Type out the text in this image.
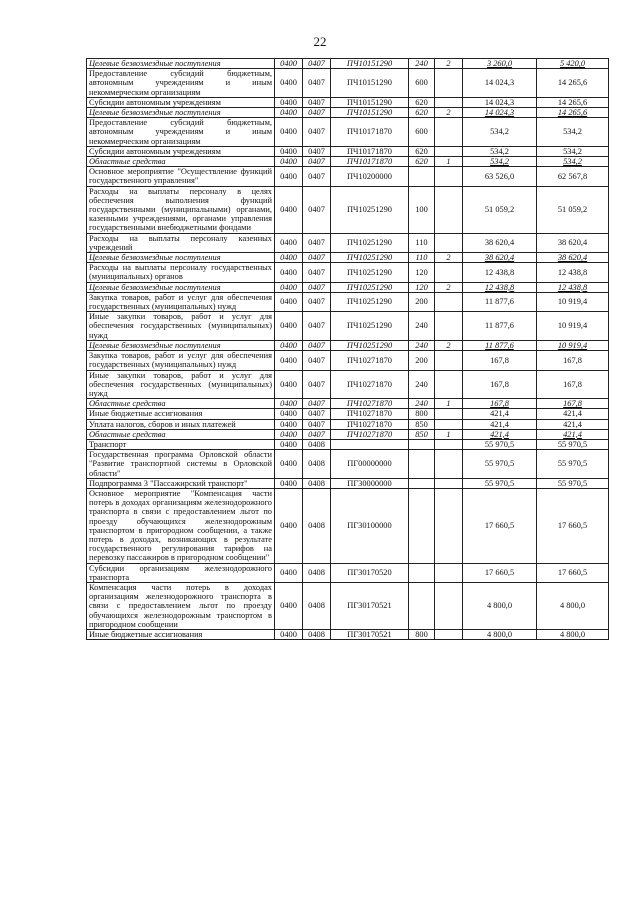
22
Целевые безвозмездные поступления	0400	0407	ПЧ10151290	240	2	3 260,0	5 420,0
Предоставление субсидий бюджетным, автономным учреждениям и иным некоммерческим организациям	0400	0407	ПЧ10151290	600		14 024,3	14 265,6
Субсидии автономным учреждениям	0400	0407	ПЧ10151290	620		14 024,3	14 265,6
Целевые безвозмездные поступления	0400	0407	ПЧ10151290	620	2	14 024,3	14 265,6
Предоставление субсидий бюджетным, автономным учреждениям и иным некоммерческим организациям	0400	0407	ПЧ10171870	600		534,2	534,2
Субсидии автономным учреждениям	0400	0407	ПЧ10171870	620		534,2	534,2
Областные средства	0400	0407	ПЧ10171870	620	1	534,2	534,2
Основное мероприятие "Осуществление функций государственного управления"	0400	0407	ПЧ10200000			63 526,0	62 567,8
Расходы на выплаты персоналу в целях обеспечения выполнения функций государственными (муниципальными) органами, казенными учреждениями, органами управления государственными внебюджетными фондами	0400	0407	ПЧ10251290	100		51 059,2	51 059,2
Расходы на выплаты персоналу казенных учреждений	0400	0407	ПЧ10251290	110		38 620,4	38 620,4
Целевые безвозмездные поступления	0400	0407	ПЧ10251290	110	2	38 620,4	38 620,4
Расходы на выплаты персоналу государственных (муниципальных) органов	0400	0407	ПЧ10251290	120		12 438,8	12 438,8
Целевые безвозмездные поступления	0400	0407	ПЧ10251290	120	2	12 438,8	12 438,8
Закупка товаров, работ и услуг для обеспечения государственных (муниципальных) нужд	0400	0407	ПЧ10251290	200		11 877,6	10 919,4
Иные закупки товаров, работ и услуг для обеспечения государственных (муниципальных) нужд	0400	0407	ПЧ10251290	240		11 877,6	10 919,4
Целевые безвозмездные поступления	0400	0407	ПЧ10251290	240	2	11 877,6	10 919,4
Закупка товаров, работ и услуг для обеспечения государственных (муниципальных) нужд	0400	0407	ПЧ10271870	200		167,8	167,8
Иные закупки товаров, работ и услуг для обеспечения государственных (муниципальных) нужд	0400	0407	ПЧ10271870	240		167,8	167,8
Областные средства	0400	0407	ПЧ10271870	240	1	167,8	167,8
Иные бюджетные ассигнования	0400	0407	ПЧ10271870	800		421,4	421,4
Уплата налогов, сборов и иных платежей	0400	0407	ПЧ10271870	850		421,4	421,4
Областные средства	0400	0407	ПЧ10271870	850	1	421,4	421,4
Транспорт	0400	0408				55 970,5	55 970,5
Государственная программа Орловской области "Развитие транспортной системы в Орловской области"	0400	0408	ПГ00000000			55 970,5	55 970,5
Подпрограмма 3 "Пассажирский транспорт"	0400	0408	ПГ30000000			55 970,5	55 970,5
Основное мероприятие "Компенсация части потерь в доходах организациям железнодорожного транспорта в связи с предоставлением льгот по проезду обучающихся железнодорожным транспортом в пригородном сообщении, а также потерь в доходах, возникающих в результате государственного регулирования тарифов на перевозку пассажиров в пригородном сообщении"	0400	0408	ПГ30100000			17 660,5	17 660,5
Субсидии организациям железнодорожного транспорта	0400	0408	ПГ30170520			17 660,5	17 660,5
Компенсация части потерь в доходах организациям железнодорожного транспорта в связи с предоставлением льгот по проезду обучающихся железнодорожным транспортом в пригородном сообщении	0400	0408	ПГ30170521			4 800,0	4 800,0
Иные бюджетные ассигнования	0400	0408	ПГ30170521	800		4 800,0	4 800,0
